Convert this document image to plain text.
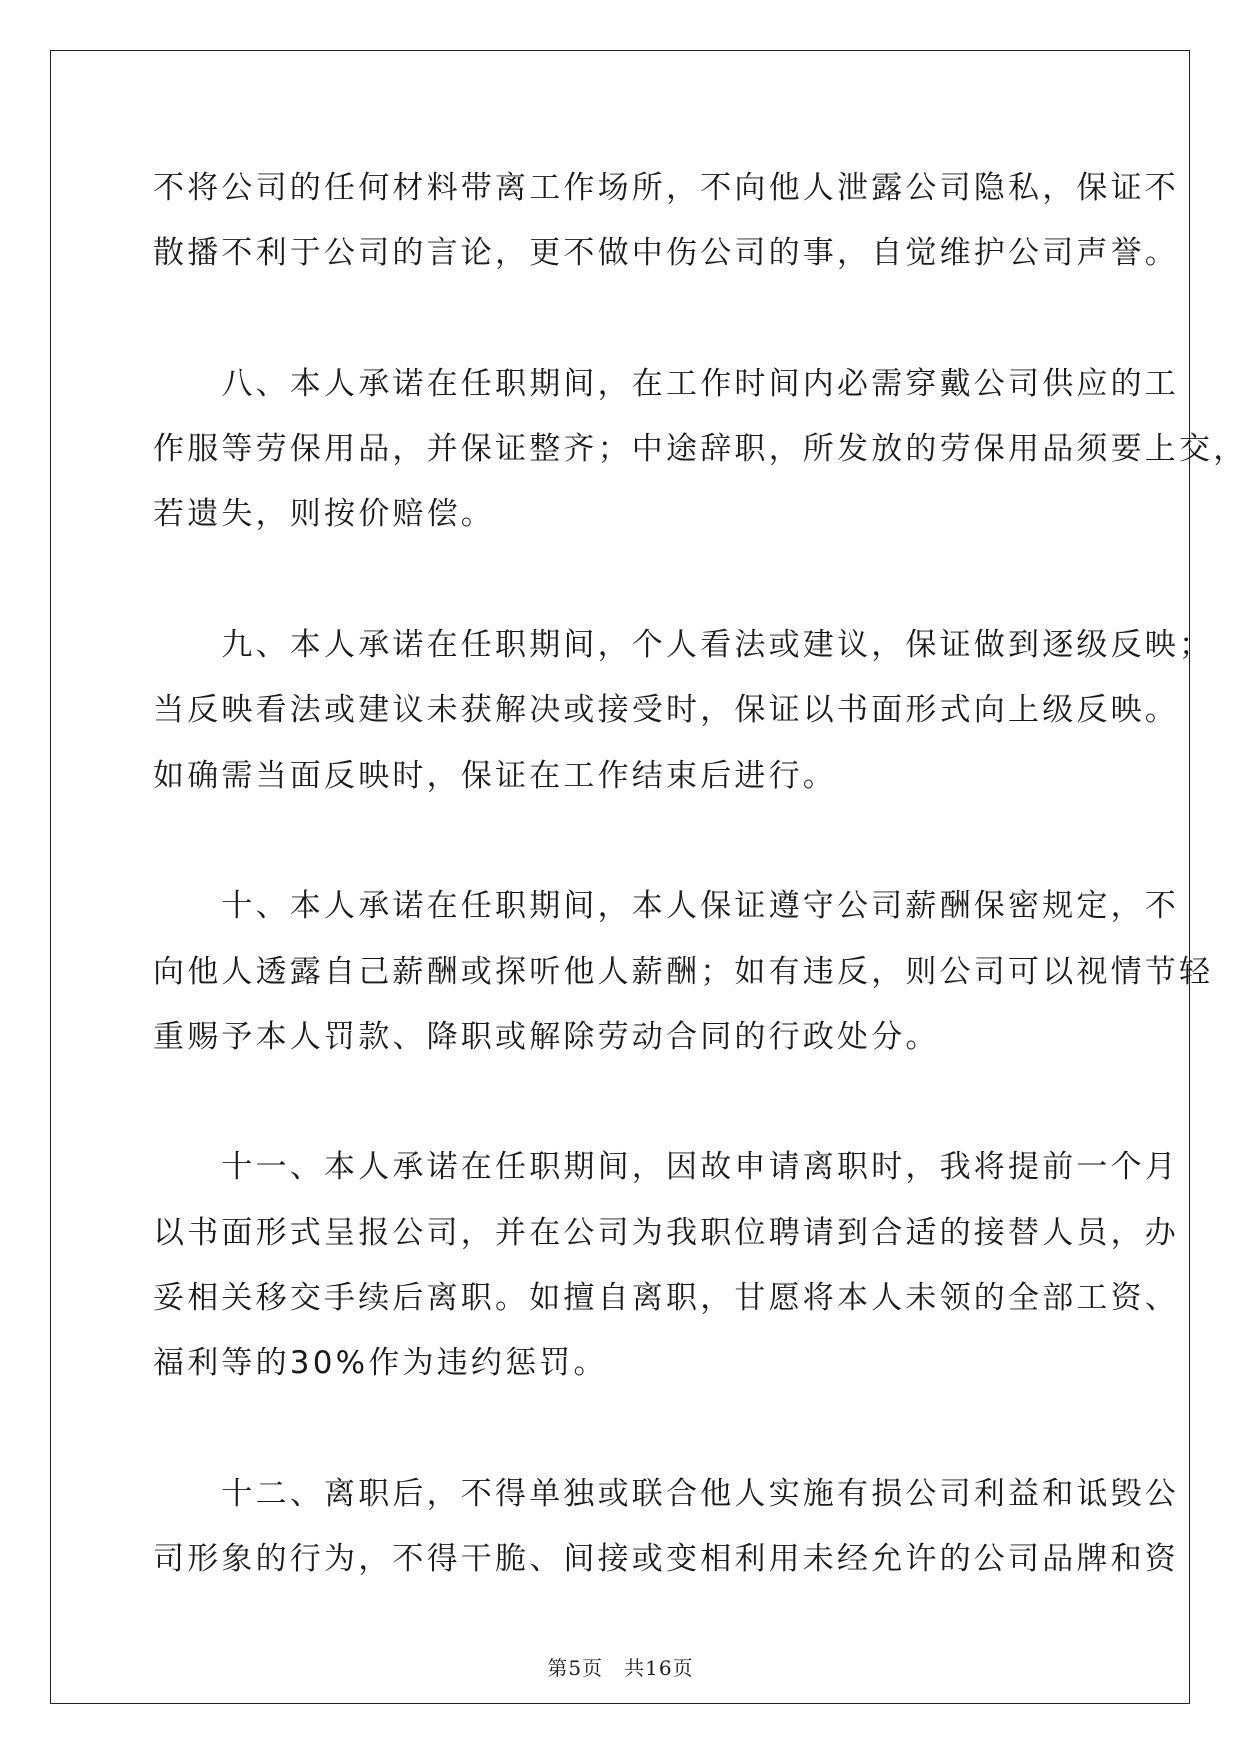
不将公司的任何材料带离工作场所，不向他人泄露公司隐私，保证不
散播不利于公司的言论，更不做中伤公司的事，自觉维护公司声誉。
　　八、本人承诺在任职期间，在工作时间内必需穿戴公司供应的工
作服等劳保用品，并保证整齐；中途辞职，所发放的劳保用品须要上交，
若遗失，则按价赔偿。
　　九、本人承诺在任职期间，个人看法或建议，保证做到逐级反映；
当反映看法或建议未获解决或接受时，保证以书面形式向上级反映。
如确需当面反映时，保证在工作结束后进行。
　　十、本人承诺在任职期间，本人保证遵守公司薪酬保密规定，不
向他人透露自己薪酬或探听他人薪酬；如有违反，则公司可以视情节轻
重赐予本人罚款、降职或解除劳动合同的行政处分。
　　十一、本人承诺在任职期间，因故申请离职时，我将提前一个月
以书面形式呈报公司，并在公司为我职位聘请到合适的接替人员，办
妥相关移交手续后离职。如擅自离职，甘愿将本人未领的全部工资、
福利等的30%作为违约惩罚。
　　十二、离职后，不得单独或联合他人实施有损公司利益和诋毁公
司形象的行为，不得干脆、间接或变相利用未经允许的公司品牌和资
第5页　共16页
